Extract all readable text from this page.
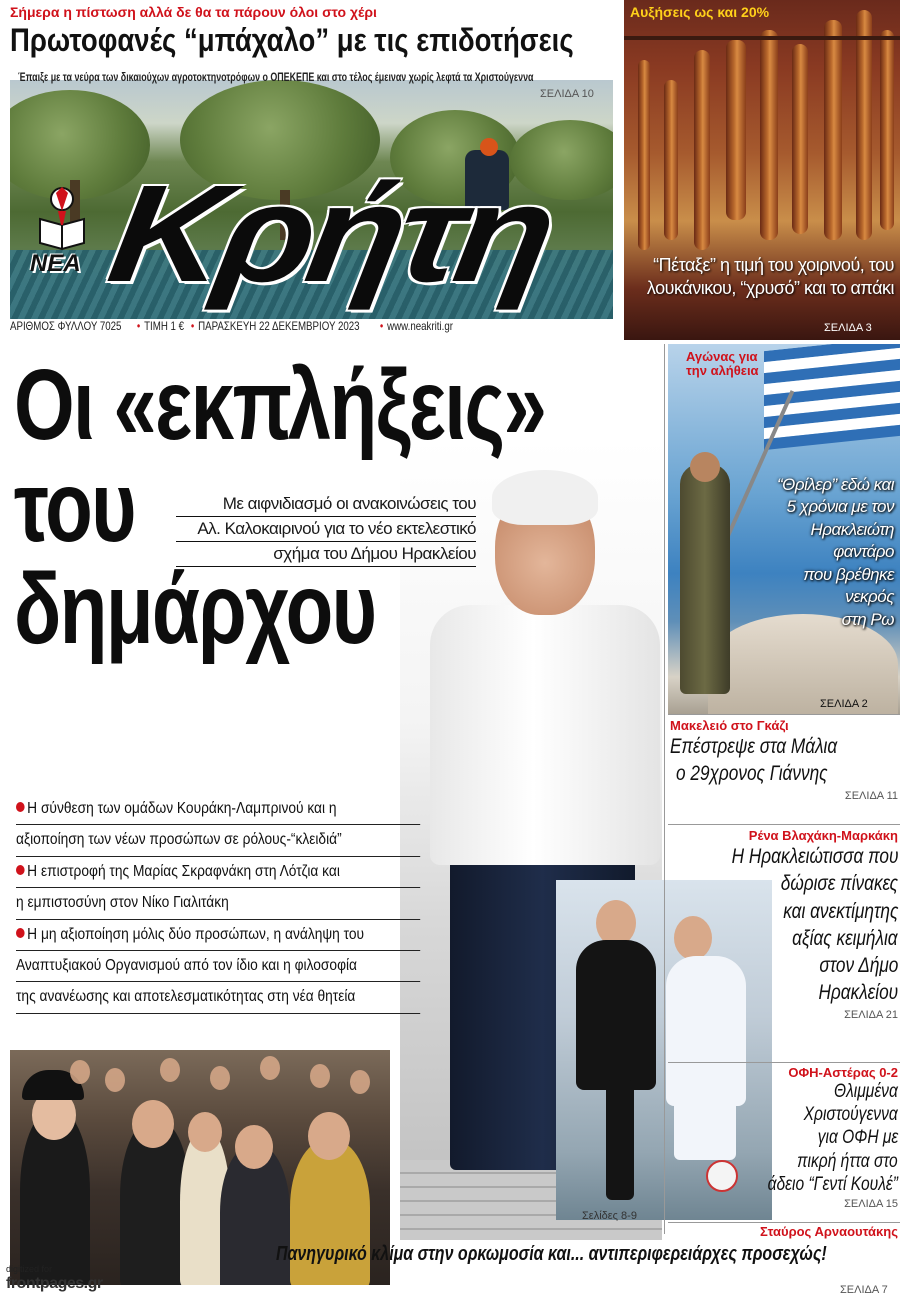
Σήμερα η πίστωση αλλά δε θα τα πάρουν όλοι στο χέρι
Πρωτοφανές “μπάχαλο” με τις επιδοτήσεις
Έπαιξε με τα νεύρα των δικαιούχων αγροτοκτηνοτρόφων ο ΟΠΕΚΕΠΕ και στο τέλος έμειναν χωρίς λεφτά τα Χριστούγεννα
ΣΕΛΙΔΑ 10
ΝΕΑ Κρήτη
ΑΡΙΘΜΟΣ ΦΥΛΛΟΥ 7025 • ΤΙΜΗ 1 € • ΠΑΡΑΣΚΕΥΗ 22 ΔΕΚΕΜΒΡΙΟΥ 2023 • www.neakriti.gr
Αυξήσεις ως και 20%
“Πέταξε” η τιμή του χοιρινού, του
λουκάνικου, “χρυσό” και το απάκι
ΣΕΛΙΔΑ 3
Οι «εκπλήξεις»
του
δημάρχου
Με αιφνιδιασμό οι ανακοινώσεις του
Αλ. Καλοκαιρινού για το νέο εκτελεστικό
σχήμα του Δήμου Ηρακλείου
Η σύνθεση των ομάδων Κουράκη-Λαμπρινού και η
αξιοποίηση των νέων προσώπων σε ρόλους-“κλειδιά”
Η επιστροφή της Μαρίας Σκραφνάκη στη Λότζια και
η εμπιστοσύνη στον Νίκο Γιαλιτάκη
Η μη αξιοποίηση μόλις δύο προσώπων, η ανάληψη του
Αναπτυξιακού Οργανισμού από τον ίδιο και η φιλοσοφία
της ανανέωσης και αποτελεσματικότητας στη νέα θητεία
Σελίδες 8-9
Αγώνας για
την αλήθεια
“Θρίλερ” εδώ και
5 χρόνια με τον
Ηρακλειώτη φαντάρο
που βρέθηκε
νεκρός
στη Ρω
ΣΕΛΙΔΑ 2
Μακελειό στο Γκάζι
Επέστρεψε στα Μάλια
ο 29χρονος Γιάννης
ΣΕΛΙΔΑ 11
Ρένα Βλαχάκη-Μαρκάκη
Η Ηρακλειώτισσα που
δώρισε πίνακες
και ανεκτίμητης
αξίας κειμήλια
στον Δήμο
Ηρακλείου
ΣΕΛΙΔΑ 21
ΟΦΗ-Αστέρας 0-2
Θλιμμένα
Χριστούγεννα
για ΟΦΗ με
πικρή ήττα στο
άδειο “Γεντί Κουλέ”
ΣΕΛΙΔΑ 15
Σταύρος Αρναουτάκης
Πανηγυρικό κλίμα στην ορκωμοσία και... αντιπεριφερειάρχες προσεχώς!
ΣΕΛΙΔΑ 7
digitized for
frontpages.gr
